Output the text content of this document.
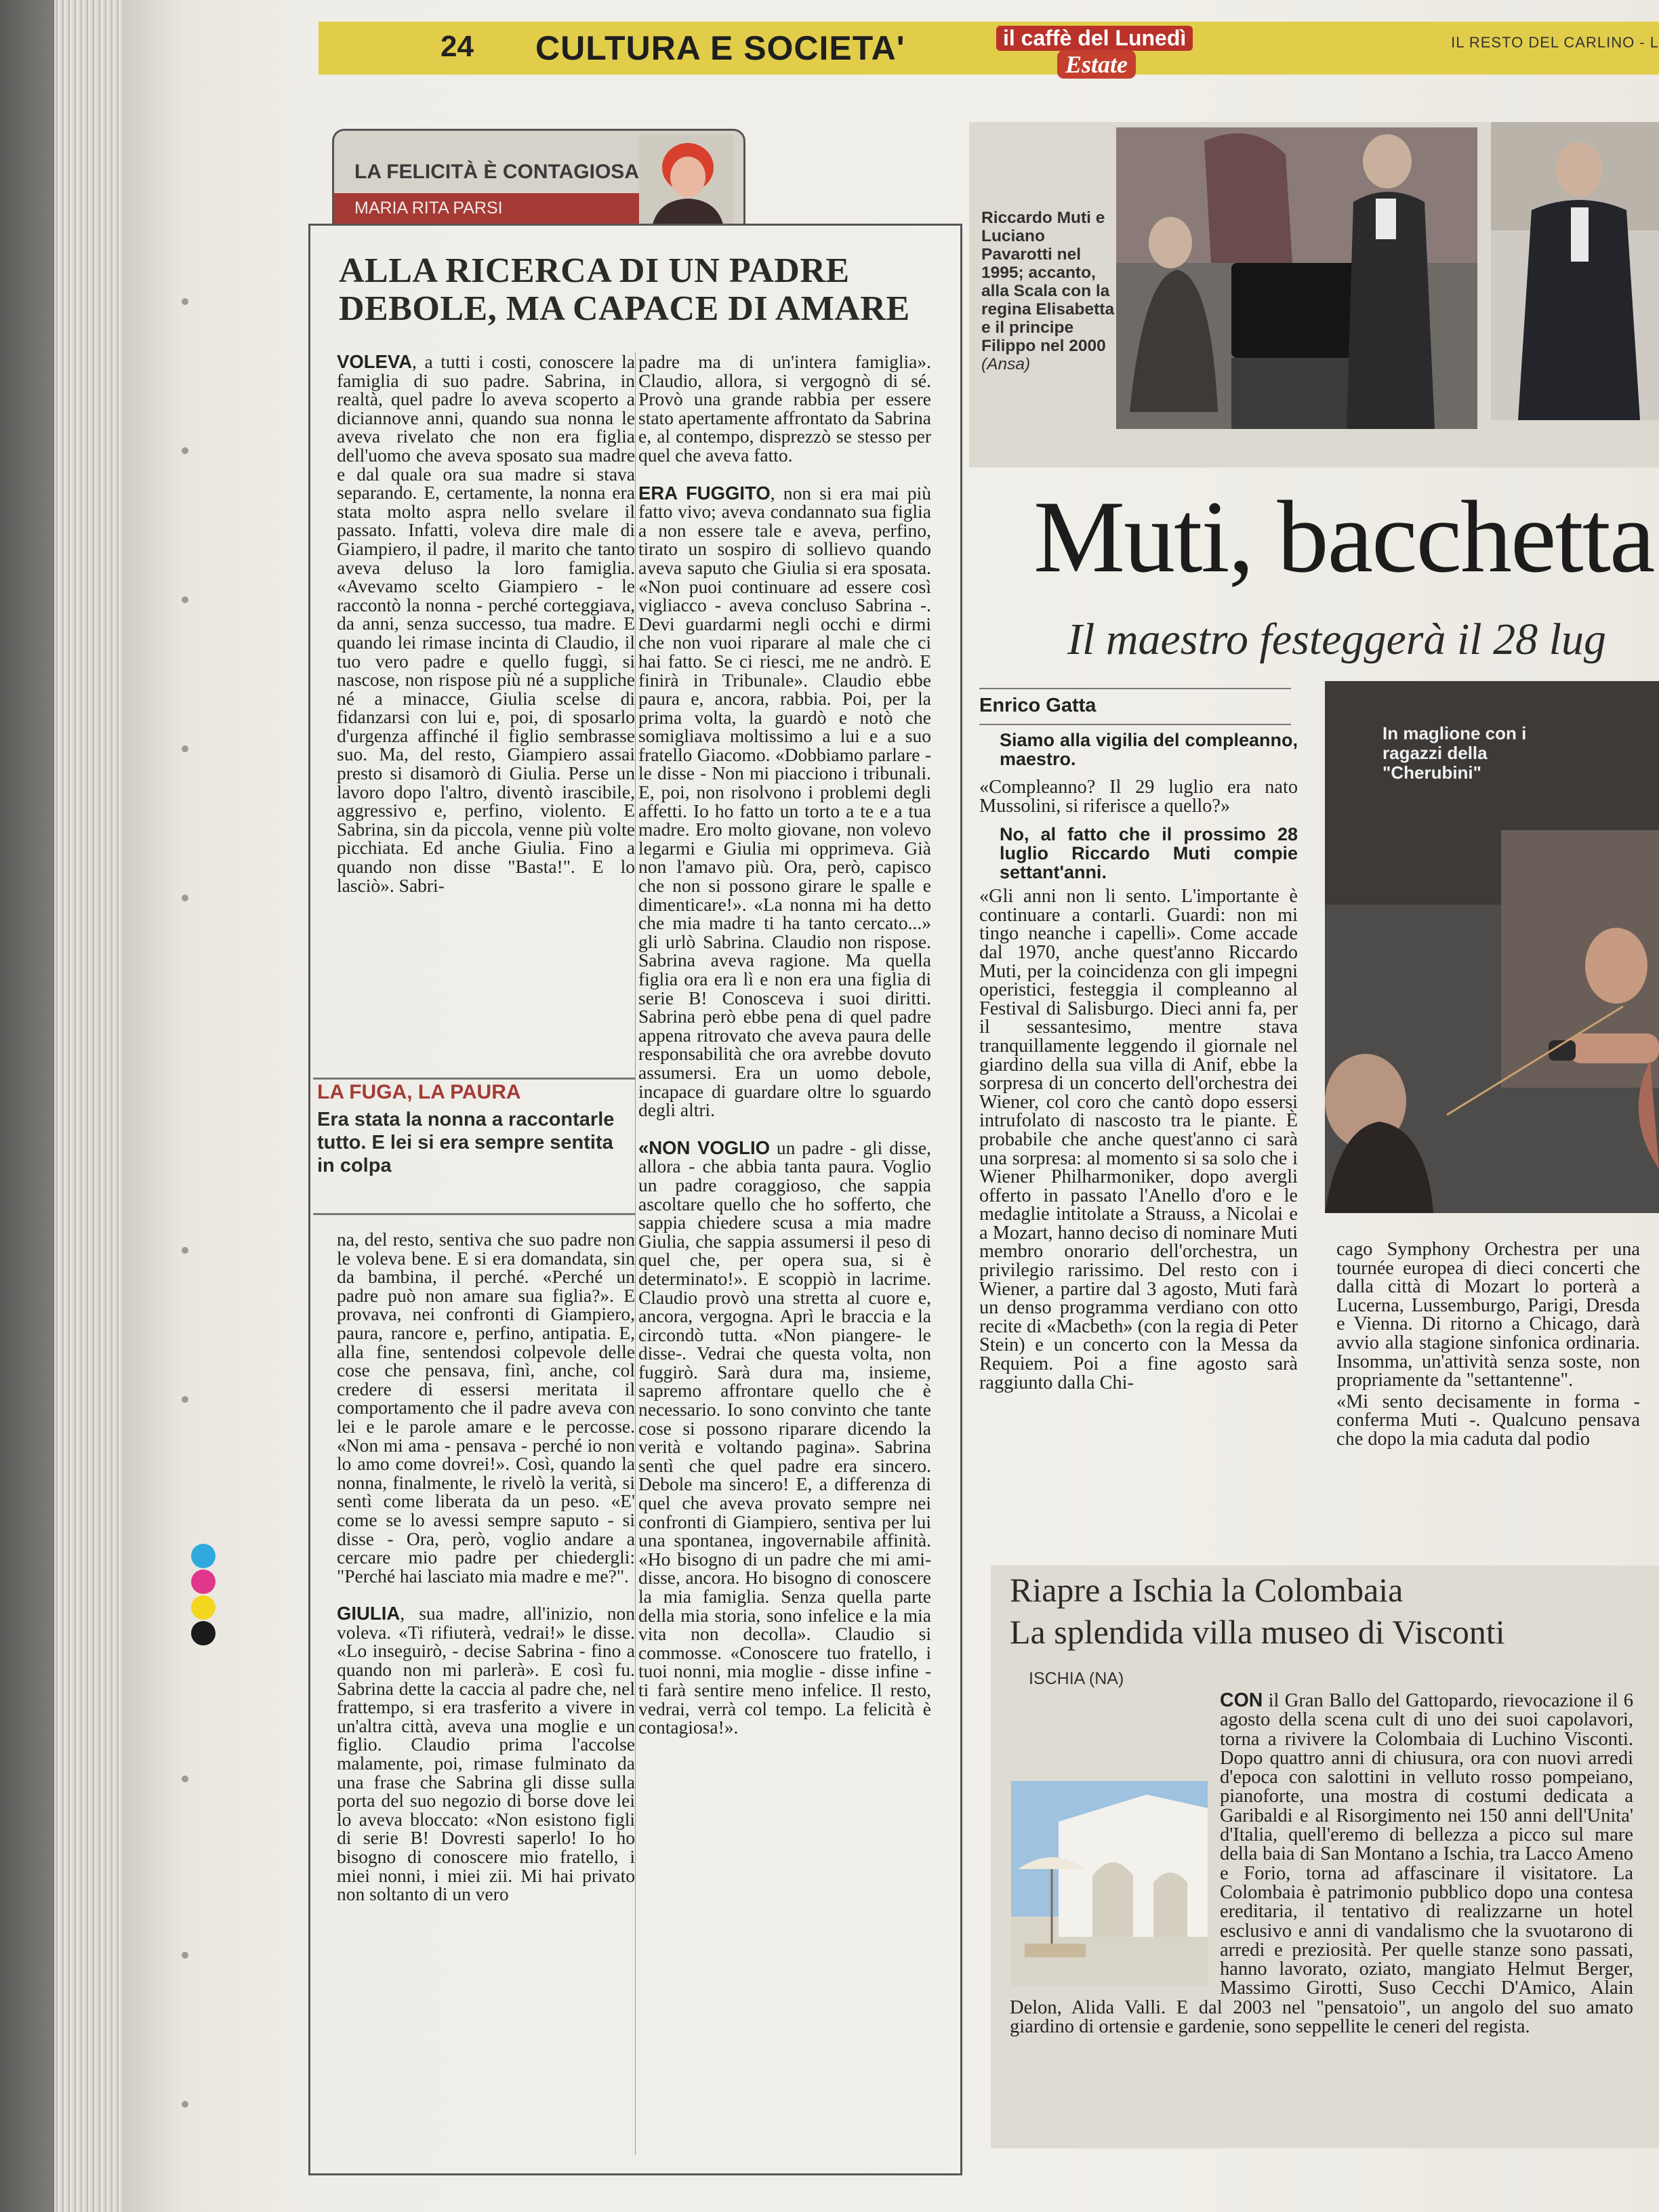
24 CULTURA E SOCIETA'	il caffè del Lunedì
Estate
IL RESTO DEL CARLINO - L
LA FELICITÀ È CONTAGIOSA
MARIA RITA PARSI
ALLA RICERCA DI UN PADRE DEBOLE, MA CAPACE DI AMARE

VOLEVA, a tutti i costi, conoscere la famiglia di suo padre. Sabrina, in realtà, quel padre lo aveva scoperto a diciannove anni, quando sua nonna le aveva rivelato che non era figlia dell'uomo che aveva sposato sua madre e dal quale ora sua madre si stava separando. E, certamente, la nonna era stata molto aspra nello svelare il passato. Infatti, voleva dire male di Giampiero, il padre, il marito che tanto aveva deluso la loro famiglia. «Avevamo scelto Giampiero - le raccontò la nonna - perché corteggiava, da anni, senza successo, tua madre. E quando lei rimase incinta di Claudio, il tuo vero padre e quello fuggì, si nascose, non rispose più né a suppliche né a minacce, Giulia scelse di fidanzarsi con lui e, poi, di sposarlo d'urgenza affinché il figlio sembrasse suo. Ma, del resto, Giampiero assai presto si disamorò di Giulia. Perse un lavoro dopo l'altro, diventò irascibile, aggressivo e, perfino, violento. E Sabrina, sin da piccola, venne più volte picchiata. Ed anche Giulia. Fino a quando non disse "Basta!". E lo lasciò». Sabri-

LA FUGA, LA PAURA
Era stata la nonna a raccontarle tutto. E lei si era sempre sentita in colpa

na, del resto, sentiva che suo padre non le voleva bene. E si era domandata, sin da bambina, il perché. «Perché un padre può non amare sua figlia?». E provava, nei confronti di Giampiero, paura, rancore e, perfino, antipatia. E, alla fine, sentendosi colpevole delle cose che pensava, finì, anche, col credere di essersi meritata il comportamento che il padre aveva con lei e le parole amare e le percosse. «Non mi ama - pensava - perché io non lo amo come dovrei!». Così, quando la nonna, finalmente, le rivelò la verità, si sentì come liberata da un peso. «E' come se lo avessi sempre saputo - si disse - Ora, però, voglio andare a cercare mio padre per chiedergli: "Perché hai lasciato mia madre e me?".

GIULIA, sua madre, all'inizio, non voleva. «Ti rifiuterà, vedrai!» le disse. «Lo inseguirò, - decise Sabrina - fino a quando non mi parlerà». E così fu. Sabrina dette la caccia al padre che, nel frattempo, si era trasferito a vivere in un'altra città, aveva una moglie e un figlio. Claudio prima l'accolse malamente, poi, rimase fulminato da una frase che Sabrina gli disse sulla porta del suo negozio di borse dove lei lo aveva bloccato: «Non esistono figli di serie B! Dovresti saperlo! Io ho bisogno di conoscere mio fratello, i miei nonni, i miei zii. Mi hai privato non soltanto di un vero

padre ma di un'intera famiglia». Claudio, allora, si vergognò di sé. Provò una grande rabbia per essere stato apertamente affrontato da Sabrina e, al contempo, disprezzò se stesso per quel che aveva fatto.

ERA FUGGITO, non si era mai più fatto vivo; aveva condannato sua figlia a non essere tale e aveva, perfino, tirato un sospiro di sollievo quando aveva saputo che Giulia si era sposata. «Non puoi continuare ad essere così vigliacco - aveva concluso Sabrina -. Devi guardarmi negli occhi e dirmi che non vuoi riparare al male che ci hai fatto. Se ci riesci, me ne andrò. E finirà in Tribunale». Claudio ebbe paura e, ancora, rabbia. Poi, per la prima volta, la guardò e notò che somigliava moltissimo a lui e a suo fratello Giacomo. «Dobbiamo parlare - le disse - Non mi piacciono i tribunali. E, poi, non risolvono i problemi degli affetti. Io ho fatto un torto a te e a tua madre. Ero molto giovane, non volevo legarmi e Giulia mi opprimeva. Già non l'amavo più. Ora, però, capisco che non si possono girare le spalle e dimenticare!». «La nonna mi ha detto che mia madre ti ha tanto cercato...» gli urlò Sabrina. Claudio non rispose. Sabrina aveva ragione. Ma quella figlia ora era lì e non era una figlia di serie B! Conosceva i suoi diritti. Sabrina però ebbe pena di quel padre appena ritrovato che aveva paura delle responsabilità che ora avrebbe dovuto assumersi. Era un uomo debole, incapace di guardare oltre lo sguardo degli altri.

«NON VOGLIO un padre - gli disse, allora - che abbia tanta paura. Voglio un padre coraggioso, che sappia ascoltare quello che ho sofferto, che sappia chiedere scusa a mia madre Giulia, che sappia assumersi il peso di quel che, per opera sua, si è determinato!». E scoppiò in lacrime. Claudio provò una stretta al cuore e, ancora, vergogna. Aprì le braccia e la circondò tutta. «Non piangere- le disse-. Vedrai che questa volta, non fuggirò. Sarà dura ma, insieme, sapremo affrontare quello che è necessario. Io sono convinto che tante cose si possono riparare dicendo la verità e voltando pagina». Sabrina sentì che quel padre era sincero. Debole ma sincero! E, a differenza di quel che aveva provato sempre nei confronti di Giampiero, sentiva per lui una spontanea, ingovernabile affinità. «Ho bisogno di un padre che mi ami- disse, ancora. Ho bisogno di conoscere la mia famiglia. Senza quella parte della mia storia, sono infelice e la mia vita non decolla». Claudio si commosse. «Conoscere tuo fratello, i tuoi nonni, mia moglie - disse infine - ti farà sentire meno infelice. Il resto, vedrai, verrà col tempo. La felicità è contagiosa!».

Riccardo Muti e Luciano Pavarotti nel 1995; accanto, alla Scala con la regina Elisabetta e il principe Filippo nel 2000 (Ansa)
Muti, bacchetta
Il maestro festeggerà il 28 lug
Enrico Gatta

Siamo alla vigilia del compleanno, maestro.

«Compleanno? Il 29 luglio era nato Mussolini, si riferisce a quello?»

No, al fatto che il prossimo 28 luglio Riccardo Muti compie settant'anni.

«Gli anni non li sento. L'importante è continuare a contarli. Guardi: non mi tingo neanche i capelli». Come accade dal 1970, anche quest'anno Riccardo Muti, per la coincidenza con gli impegni operistici, festeggia il compleanno al Festival di Salisburgo. Dieci anni fa, per il sessantesimo, mentre stava tranquillamente leggendo il giornale nel giardino della sua villa di Anif, ebbe la sorpresa di un concerto dell'orchestra dei Wiener, col coro che cantò dopo essersi intrufolato di nascosto tra le piante. È probabile che anche quest'anno ci sarà una sorpresa: al momento si sa solo che i Wiener Philharmoniker, dopo avergli offerto in passato l'Anello d'oro e le medaglie intitolate a Strauss, a Nicolai e a Mozart, hanno deciso di nominare Muti membro onorario dell'orchestra, un privilegio rarissimo. Del resto con i Wiener, a partire dal 3 agosto, Muti farà un denso programma verdiano con otto recite di «Macbeth» (con la regia di Peter Stein) e un concerto con la Messa da Requiem. Poi a fine agosto sarà raggiunto dalla Chi-

In maglione con i ragazzi della "Cherubini"

cago Symphony Orchestra per una tournée europea di dieci concerti che dalla città di Mozart lo porterà a Lucerna, Lussemburgo, Parigi, Dresda e Vienna. Di ritorno a Chicago, darà avvio alla stagione sinfonica ordinaria. Insomma, un'attività senza soste, non propriamente da "settantenne".

«Mi sento decisamente in forma - conferma Muti -. Qualcuno pensava che dopo la mia caduta dal podio

Riapre a Ischia la Colombaia
La splendida villa museo di Visconti
ISCHIA (NA)

CON il Gran Ballo del Gattopardo, rievocazione il 6 agosto della scena cult di uno dei suoi capolavori, torna a rivivere la Colombaia di Luchino Visconti. Dopo quattro anni di chiusura, ora con nuovi arredi d'epoca con salottini in velluto rosso pompeiano, pianoforte, una mostra di costumi dedicata a Garibaldi e al Risorgimento nei 150 anni dell'Unita' d'Italia, quell'eremo di bellezza a picco sul mare della baia di San Montano a Ischia, tra Lacco Ameno e Forio, torna ad affascinare il visitatore. La Colombaia è patrimonio pubblico dopo una contesa ereditaria, il tentativo di realizzarne un hotel esclusivo e anni di vandalismo che la svuotarono di arredi e preziosità. Per quelle stanze sono passati, hanno lavorato, oziato, mangiato Helmut Berger, Massimo Girotti, Suso Cecchi D'Amico, Alain Delon, Alida Valli. E dal 2003 nel "pensatoio", un angolo del suo amato giardino di ortensie e gardenie, sono seppellite le ceneri del regista.
